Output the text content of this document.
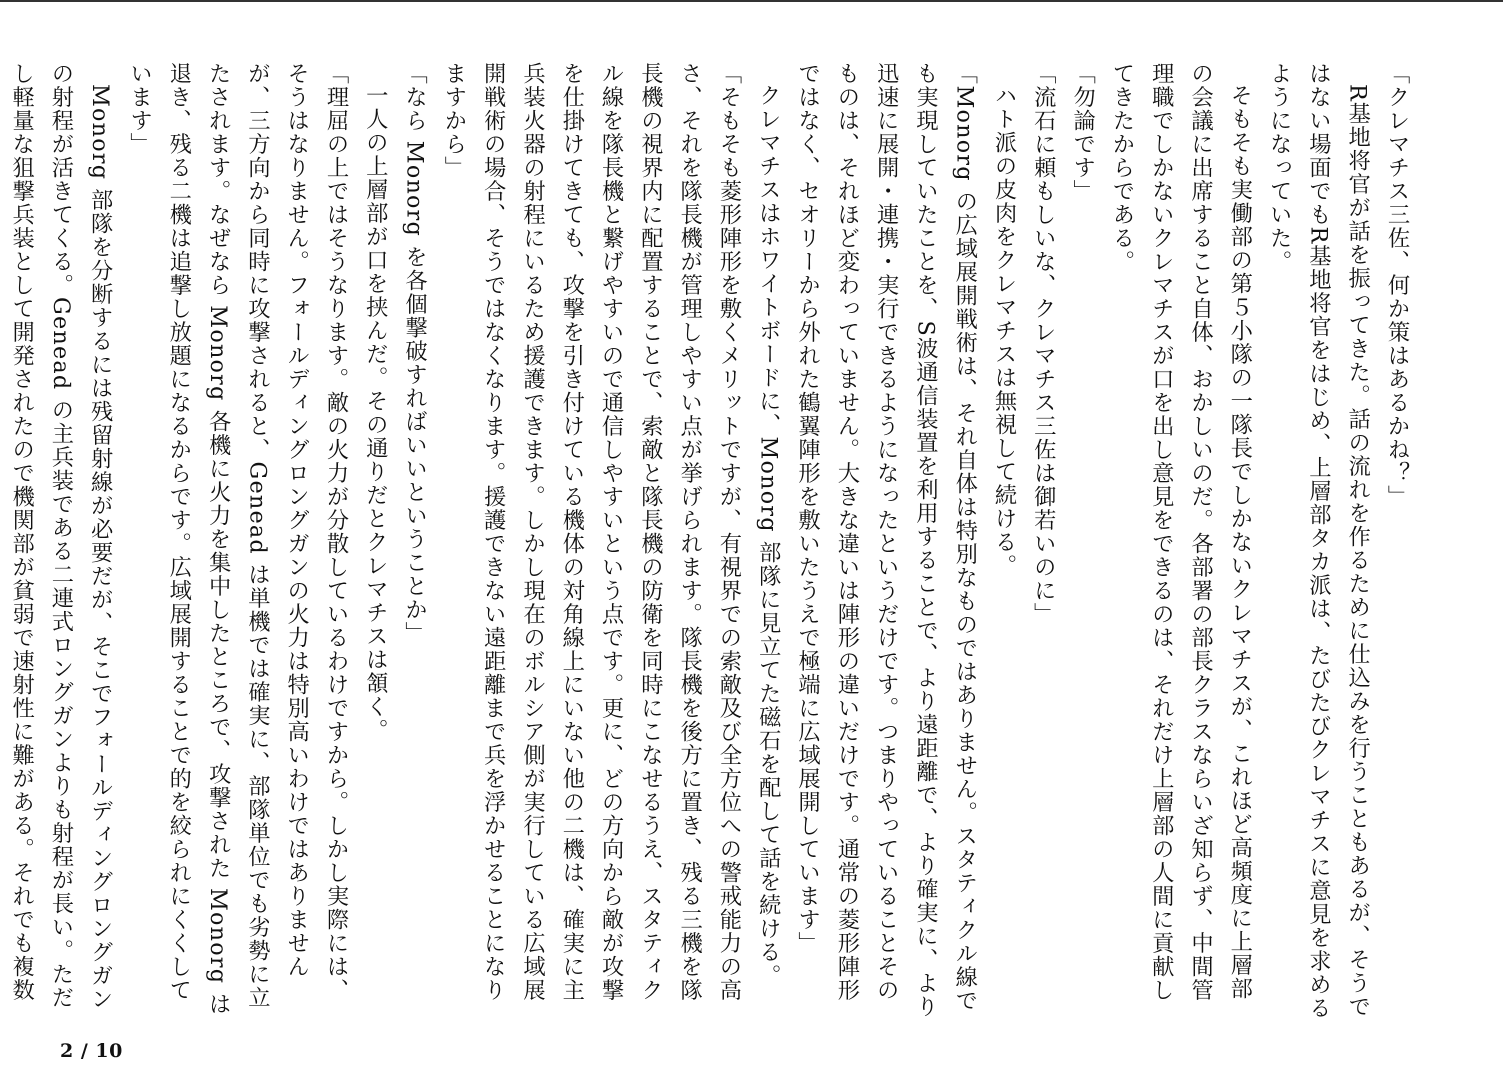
「クレマチス三佐、何か策はあるかね？」

R基地将官が話を振ってきた。話の流れを作るために仕込みを行うこともあるが、そうではない場面でもR基地将官をはじめ、上層部タカ派は、たびたびクレマチスに意見を求めるようになっていた。

そもそも実働部の第５小隊の一隊長でしかないクレマチスが、これほど高頻度に上層部の会議に出席すること自体、おかしいのだ。各部署の部長クラスならいざ知らず、中間管理職でしかないクレマチスが口を出し意見をできるのは、それだけ上層部の人間に貢献してきたからである。

「勿論です」

「流石に頼もしいな、クレマチス三佐は御若いのに」

ハト派の皮肉をクレマチスは無視して続ける。

「Monorg の広域展開戦術は、それ自体は特別なものではありません。スタティクル線でも実現していたことを、S波通信装置を利用することで、より遠距離で、より確実に、より迅速に展開・連携・実行できるようになったというだけです。つまりやっていることそのものは、それほど変わっていません。大きな違いは陣形の違いだけです。通常の菱形陣形ではなく、セオリーから外れた鶴翼陣形を敷いたうえで極端に広域展開しています」

クレマチスはホワイトボードに、Monorg 部隊に見立てた磁石を配して話を続ける。

「そもそも菱形陣形を敷くメリットですが、有視界での索敵及び全方位への警戒能力の高さ、それを隊長機が管理しやすい点が挙げられます。隊長機を後方に置き、残る三機を隊長機の視界内に配置することで、索敵と隊長機の防衛を同時にこなせるうえ、スタティクル線を隊長機と繋げやすいので通信しやすいという点です。更に、どの方向から敵が攻撃を仕掛けてきても、攻撃を引き付けている機体の対角線上にいない他の二機は、確実に主兵装火器の射程にいるため援護できます。しかし現在のボルシア側が実行している広域展開戦術の場合、そうではなくなります。援護できない遠距離まで兵を浮かせることになりますから」

「なら Monorg を各個撃破すればいいということか」

一人の上層部が口を挟んだ。その通りだとクレマチスは頷く。

「理屈の上ではそうなります。敵の火力が分散しているわけですから。しかし実際には、そうはなりません。フォールディングロングガンの火力は特別高いわけではありませんが、三方向から同時に攻撃されると、Genead は単機では確実に、部隊単位でも劣勢に立たされます。なぜなら Monorg 各機に火力を集中したところで、攻撃された Monorg は退き、残る二機は追撃し放題になるからです。広域展開することで的を絞られにくくしています」

Monorg 部隊を分断するには残留射線が必要だが、そこでフォールディングロングガンの射程が活きてくる。Genead の主兵装である二連式ロングガンよりも射程が長い。ただし軽量な狙撃兵装として開発されたので機関部が貧弱で速射性に難がある。それでも複数

2 / 10
